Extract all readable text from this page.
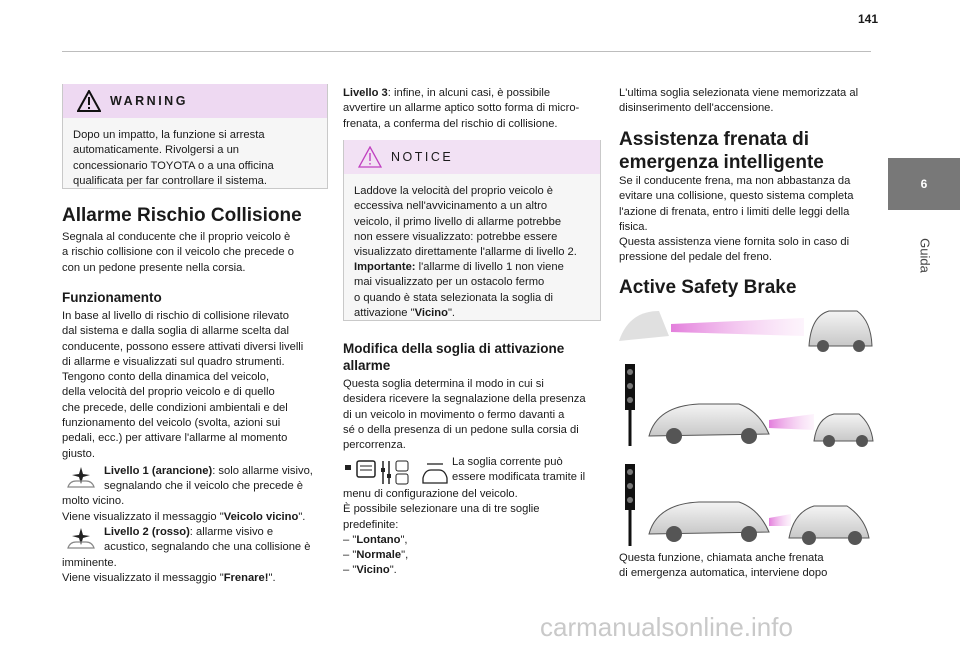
141
6
Guida
WARNING

Dopo un impatto, la funzione si arresta
automaticamente. Rivolgersi a un
concessionario TOYOTA o a una officina
qualificata per far controllare il sistema.

Allarme Rischio Collisione

Segnala al conducente che il proprio veicolo è
a rischio collisione con il veicolo che precede o
con un pedone presente nella corsia.

Funzionamento

In base al livello di rischio di collisione rilevato
dal sistema e dalla soglia di allarme scelta dal
conducente, possono essere attivati diversi livelli
di allarme e visualizzati sul quadro strumenti.
Tengono conto della dinamica del veicolo,
della velocità del proprio veicolo e di quello
che precede, delle condizioni ambientali e del
funzionamento del veicolo (svolta, azioni sui
pedali, ecc.) per attivare l'allarme al momento
giusto.

Livello 1 (arancione): solo allarme visivo,

segnalando che il veicolo che precede è

molto vicino.

Viene visualizzato il messaggio "Veicolo vicino".

Livello 2 (rosso): allarme visivo e

acustico, segnalando che una collisione è

imminente.

Viene visualizzato il messaggio "Frenare!".

Livello 3: infine, in alcuni casi, è possibile
avvertire un allarme aptico sotto forma di micro-
frenata, a conferma del rischio di collisione.

NOTICE

Laddove la velocità del proprio veicolo è
eccessiva nell'avvicinamento a un altro
veicolo, il primo livello di allarme potrebbe
non essere visualizzato: potrebbe essere
visualizzato direttamente l'allarme di livello 2.

Importante: l'allarme di livello 1 non viene
mai visualizzato per un ostacolo fermo
o quando è stata selezionata la soglia di
attivazione "Vicino".

Modifica della soglia di attivazione
allarme

Questa soglia determina il modo in cui si
desidera ricevere la segnalazione della presenza
di un veicolo in movimento o fermo davanti a
sé o della presenza di un pedone sulla corsia di
percorrenza.

La soglia corrente può
essere modificata tramite il

menu di configurazione del veicolo.
È possibile selezionare una di tre soglie
predefinite:

– "Lontano",

– "Normale",

– "Vicino".

L'ultima soglia selezionata viene memorizzata al
disinserimento dell'accensione.

Assistenza frenata di
emergenza intelligente

Se il conducente frena, ma non abbastanza da
evitare una collisione, questo sistema completa
l'azione di frenata, entro i limiti delle leggi della
fisica.
Questa assistenza viene fornita solo in caso di
pressione del pedale del freno.

Active Safety Brake

Questa funzione, chiamata anche frenata
di emergenza automatica, interviene dopo

carmanualsonline.info
